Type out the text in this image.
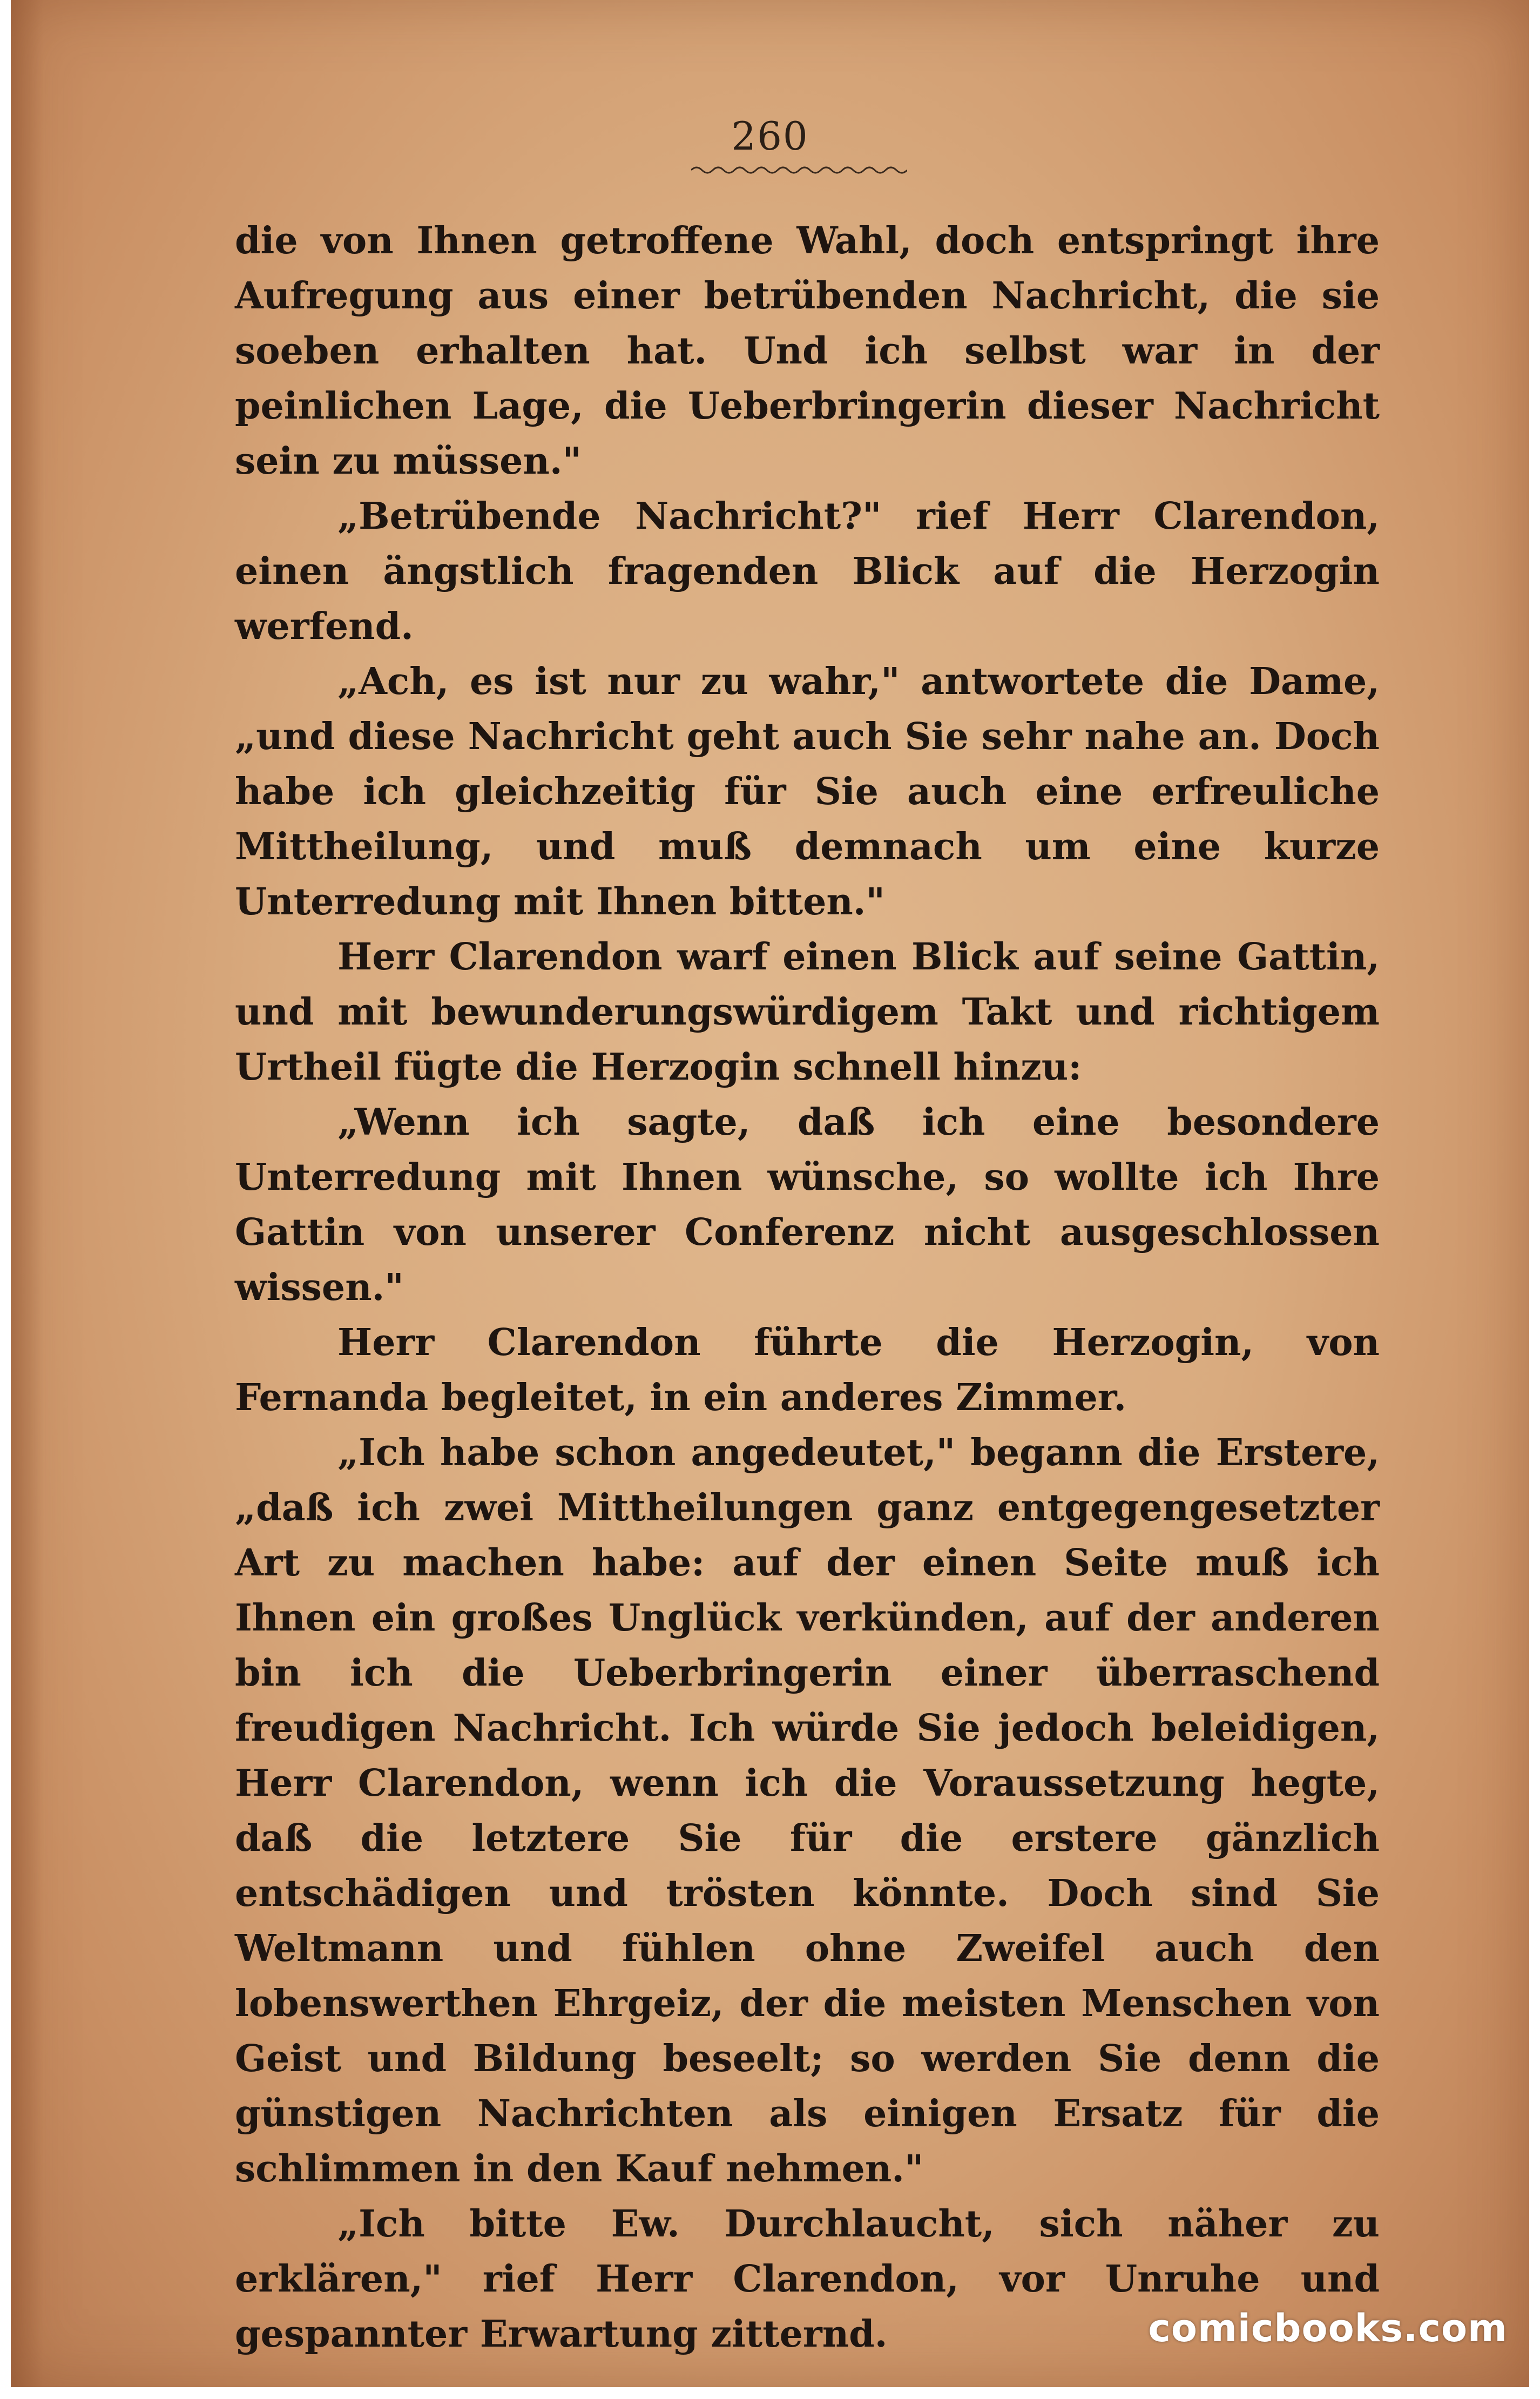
260

die von Ihnen getroffene Wahl, doch entspringt ihre Aufregung aus einer betrübenden Nachricht, die sie soeben erhalten hat. Und ich selbst war in der peinlichen Lage, die Ueberbringerin dieser Nachricht sein zu müssen."

„Betrübende Nachricht?" rief Herr Clarendon, einen ängstlich fragenden Blick auf die Herzogin werfend.

„Ach, es ist nur zu wahr," antwortete die Dame, „und diese Nachricht geht auch Sie sehr nahe an. Doch habe ich gleichzeitig für Sie auch eine erfreuliche Mittheilung, und muß demnach um eine kurze Unterredung mit Ihnen bitten."

Herr Clarendon warf einen Blick auf seine Gattin, und mit bewunderungswürdigem Takt und richtigem Urtheil fügte die Herzogin schnell hinzu:

„Wenn ich sagte, daß ich eine besondere Unterredung mit Ihnen wünsche, so wollte ich Ihre Gattin von unserer Conferenz nicht ausgeschlossen wissen."

Herr Clarendon führte die Herzogin, von Fernanda begleitet, in ein anderes Zimmer.

„Ich habe schon angedeutet," begann die Erstere, „daß ich zwei Mittheilungen ganz entgegengesetzter Art zu machen habe: auf der einen Seite muß ich Ihnen ein großes Unglück verkünden, auf der anderen bin ich die Ueberbringerin einer überraschend freudigen Nachricht. Ich würde Sie jedoch beleidigen, Herr Clarendon, wenn ich die Voraussetzung hegte, daß die letztere Sie für die erstere gänzlich entschädigen und trösten könnte. Doch sind Sie Weltmann und fühlen ohne Zweifel auch den lobenswerthen Ehrgeiz, der die meisten Menschen von Geist und Bildung beseelt; so werden Sie denn die günstigen Nachrichten als einigen Ersatz für die schlimmen in den Kauf nehmen."

„Ich bitte Ew. Durchlaucht, sich näher zu erklären," rief Herr Clarendon, vor Unruhe und gespannter Erwartung zitternd.	comicbooks.com
